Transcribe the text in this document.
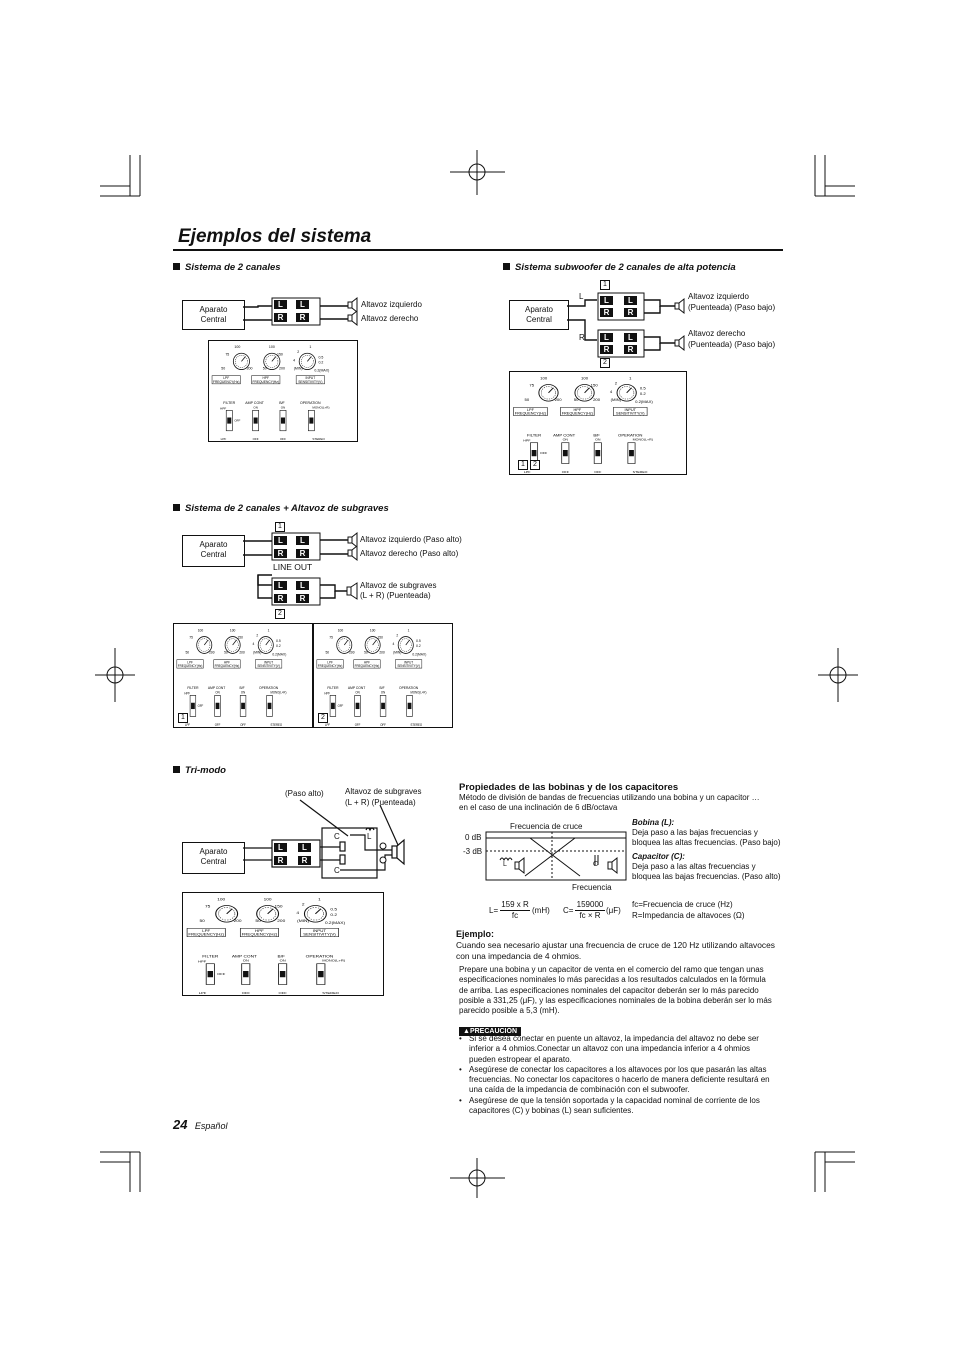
Ejemplos del sistema
Sistema de 2 canales
Aparato
Central
L
R
L
R
Altavoz izquierdo
Altavoz derecho
100
75
50	200
100
150
50	200
1
2
0.5
0.2
(MIN)
0.2(MAX)
4
LPF
FREQUENCY(Hz)
HPF
FREQUENCY(Hz)
INPUT
SENSITIVITY(V)
FILTER	AMP CONT	B/F	OPERATION
HPF
OFF
LPF
ON
OFF
ON
OFF
MONO(L+R)
STEREO
Sistema subwoofer de 2 canales de alta potencia
Aparato
Central
L
R
1
2
L
R
L
R
L
R
L
R
Altavoz izquierdo
(Puenteada) (Paso bajo)
Altavoz derecho
(Puenteada) (Paso bajo)
100
75
50	200
100
150
50	200
1
2
0.5
0.2
(MIN)	0.2(MAX)
4
LPF
FREQUENCY(Hz)
HPF
FREQUENCY(Hz)
INPUT
SENSITIVITY(V)
FILTER	AMP CONT	B/F	OPERATION
HPF
OFF
LPF
ON
OFF
ON
OFF
MONO(L+R)
STEREO
1	2
Sistema de 2 canales + Altavoz de subgraves
Aparato
Central
1
2
L
R
L
R
LINE OUT
L
R
L
R
Altavoz izquierdo (Paso alto)
Altavoz derecho (Paso alto)
Altavoz de subgraves
(L + R) (Puenteada)
100
75
50	200
100
150
50	200
1
2
0.5
0.2
(MIN)	0.2(MAX)
4
LPF
FREQUENCY(Hz)
HPF
FREQUENCY(Hz)
INPUT
SENSITIVITY(V)
FILTER	AMP CONT	B/F	OPERATION
HPF
OFF
LPF
ON
OFF
ON
OFF
MONO(L+R)
STEREO
1
100
75
50	200
100
150
50	200
1
2
0.5
0.2
(MIN)	0.2(MAX)
4
LPF
FREQUENCY(Hz)
HPF
FREQUENCY(Hz)
INPUT
SENSITIVITY(V)
FILTER	AMP CONT	B/F	OPERATION
HPF
OFF
LPF
ON
OFF
ON
OFF
MONO(L+R)
STEREO
2
Tri-modo
(Paso alto)	Altavoz de subgraves
(L + R) (Puenteada)
Aparato
Central
C
C
L
L
R
L
R
100
75
50	200
100
150
50	200
1
2
0.5
0.2
(MIN)	0.2(MAX)
4
LPF
FREQUENCY(Hz)
HPF
FREQUENCY(Hz)
INPUT
SENSITIVITY(V)
FILTER	AMP CONT	B/F	OPERATION
HPF
OFF
LPF
ON
OFF
ON
OFF
MONO(L+R)
STEREO
Propiedades de las bobinas y de los capacitores
Método de división de bandas de frecuencias utilizando una bobina y un capacitor …
en el caso de una inclinación de 6 dB/octava
Frecuencia de cruce
0 dB
-3 dB
L	C
Frecuencia
Bobina (L):
Deja paso a las bajas frecuencias y
bloquea las altas frecuencias. (Paso bajo)
Capacitor (C):
Deja paso a las altas frecuencias y
bloquea las bajas frecuencias. (Paso alto)
L=
159 x R
fc
(mH) C=
159000
fc × R
(μF)
fc=Frecuencia de cruce (Hz)
R=Impedancia de altavoces (Ω)
Ejemplo:
Cuando sea necesario ajustar una frecuencia de cruce de 120 Hz utilizando altavoces
con una impedancia de 4 ohmios.
Prepare una bobina y un capacitor de venta en el comercio del ramo que tengan unas
especificaciones nominales lo más parecidas a los resultados calculados en la fórmula
de arriba. Las especificaciones nominales del capacitor deberán ser lo más parecido
posible a 331,25 (μF), y las especificaciones nominales de la bobina deberán ser lo más
parecido posible a 5,3 (mH).
▲PRECAUCIÓN
• Si se desea conectar en puente un altavoz, la impedancia del altavoz no debe ser
inferior a 4 ohmios.Conectar un altavoz con una impedancia inferior a 4 ohmios
pueden estropear el aparato.
• Asegúrese de conectar los capacitores a los altavoces por los que pasarán las altas
frecuencias. No conectar los capacitores o hacerlo de manera deficiente resultará en
una caída de la impedancia de combinación con el subwoofer.
• Asegúrese de que la tensión soportada y la capacidad nominal de corriente de los
capacitores (C) y bobinas (L) sean suficientes.
24 Español
